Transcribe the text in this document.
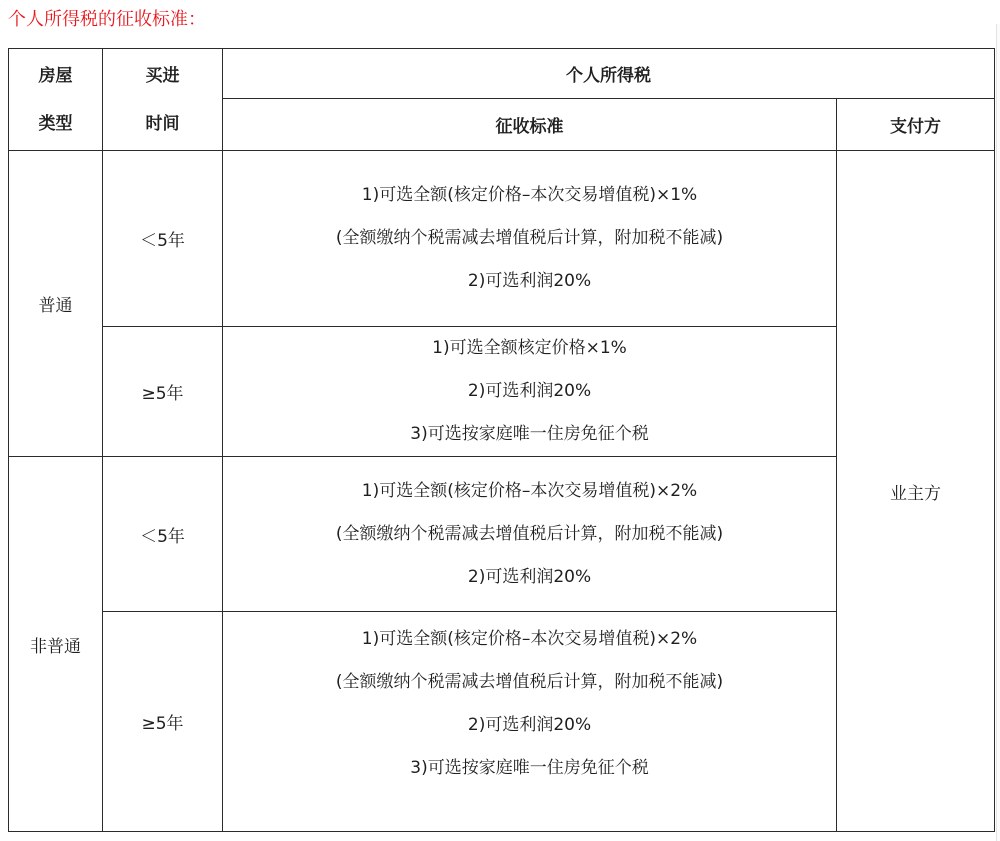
个人所得税的征收标准：
房屋
类型	买进
时间	个人所得税	
		征收标准	支付方
普通	＜5年	1)可选全额(核定价格–本次交易增值税)×1%
(全额缴纳个税需减去增值税后计算，附加税不能减)
2)可选利润20%	业主方
	≥5年	1)可选全额核定价格×1%
2)可选利润20%
3)可选按家庭唯一住房免征个税	

非普通	＜5年	1)可选全额(核定价格–本次交易增值税)×2%
(全额缴纳个税需减去增值税后计算，附加税不能减)
2)可选利润20%	

	≥5年	1)可选全额(核定价格–本次交易增值税)×2%
(全额缴纳个税需减去增值税后计算，附加税不能减)
2)可选利润20%
3)可选按家庭唯一住房免征个税	
